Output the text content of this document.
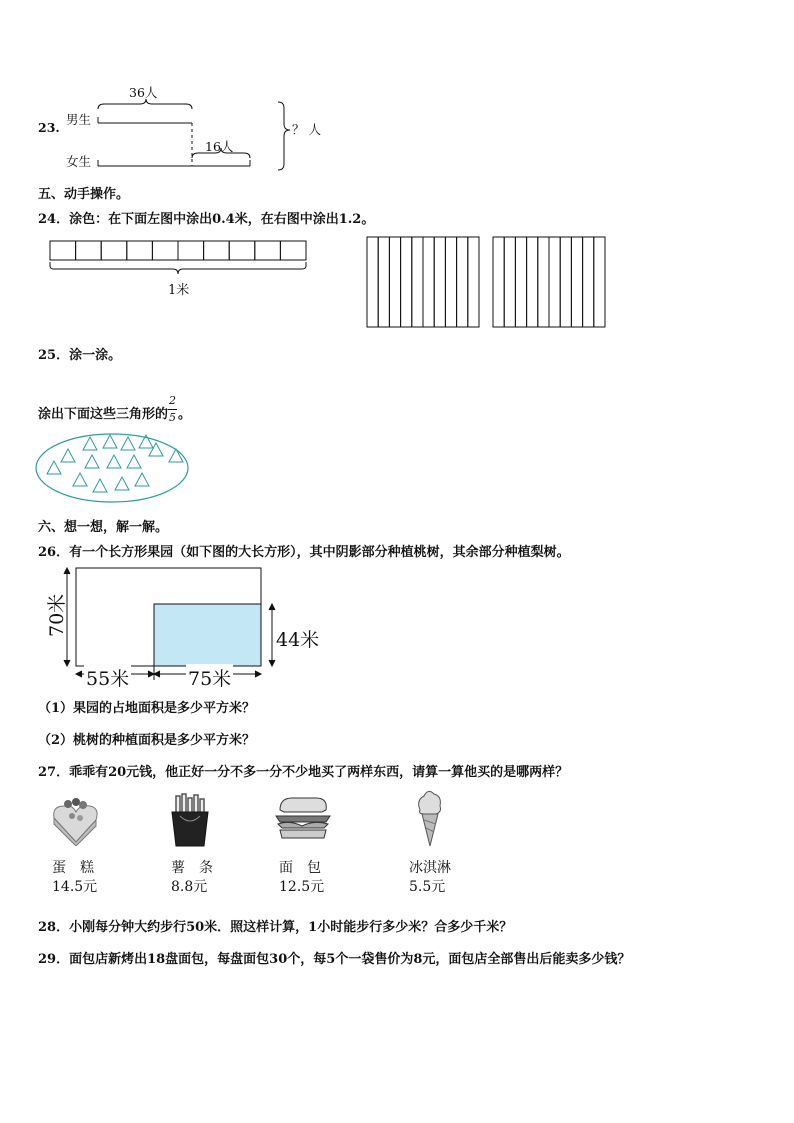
23.
男生
女生
36人
16人
？ 人
五、动手操作。
24．涂色：在下面左图中涂出0.4米，在右图中涂出1.2。
1米
25．涂一涂。
涂出下面这些三角形的
$\frac{2}{5}$
。
六、想一想，解一解。
26．有一个长方形果园（如下图的大长方形），其中阴影部分种植桃树，其余部分种植梨树。
70米
44米
55米	75米
（1）果园的占地面积是多少平方米？
（2）桃树的种植面积是多少平方米？
27．乖乖有20元钱，他正好一分不多一分不少地买了两样东西，请算一算他买的是哪两样？
蛋　糕
14.5元
薯　条
8.8元
面　包
12.5元
冰淇淋
5.5元
28．小刚每分钟大约步行50米．照这样计算，1小时能步行多少米？合多少千米？
29．面包店新烤出18盘面包，每盘面包30个，每5个一袋售价为8元，面包店全部售出后能卖多少钱？
